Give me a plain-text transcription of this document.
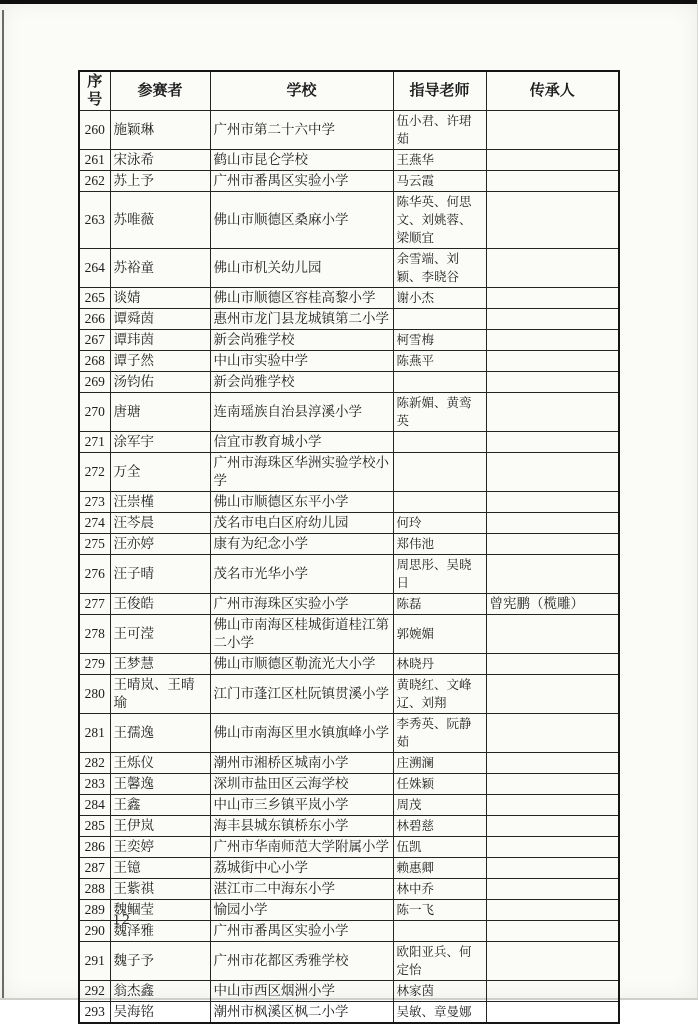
序号	参赛者	学校	指导老师	传承人
260	施颖琳	广州市第二十六中学	伍小君、许珺茹	
261	宋泳希	鹤山市昆仑学校	王燕华	
262	苏上予	广州市番禺区实验小学	马云霞	
263	苏唯薇	佛山市顺德区桑麻小学	陈华英、何思文、刘姚蓉、梁顺宜	
264	苏裕童	佛山市机关幼儿园	余雪端、刘颖、李晓谷	
265	谈婧	佛山市顺德区容桂高黎小学	谢小杰	
266	谭舜茵	惠州市龙门县龙城镇第二小学		
267	谭玮茵	新会尚雅学校	柯雪梅	
268	谭子然	中山市实验中学	陈燕平	
269	汤钧佑	新会尚雅学校		
270	唐瑭	连南瑶族自治县淳溪小学	陈新媚、黄鸾英	
271	涂军宇	信宜市教育城小学		
272	万全	广州市海珠区华洲实验学校小学		
273	汪崇槿	佛山市顺德区东平小学		
274	汪芩晨	茂名市电白区府幼儿园	何玲	
275	汪亦婷	康有为纪念小学	郑伟池	
276	汪子晴	茂名市光华小学	周思彤、吴晓日	
277	王俊皓	广州市海珠区实验小学	陈磊	曾宪鹏（榄雕）
278	王可滢	佛山市南海区桂城街道桂江第二小学	郭婉媚	
279	王梦慧	佛山市顺德区勒流光大小学	林晓丹	
280	王晴岚、王晴瑜	江门市蓬江区杜阮镇贯溪小学	黄晓红、文峰辽、刘翔	
281	王孺逸	佛山市南海区里水镇旗峰小学	李秀英、阮静茹	
282	王烁仪	潮州市湘桥区城南小学	庄溯澜	
283	王馨逸	深圳市盐田区云海学校	任姝颖	
284	王鑫	中山市三乡镇平岚小学	周茂	
285	王伊岚	海丰县城东镇桥东小学	林碧慈	
286	王奕婷	广州市华南师范大学附属小学	伍凯	
287	王镱	荔城街中心小学	赖惠卿	
288	王紫祺	湛江市二中海东小学	林中乔	
289	魏鲴莹	愉园小学	陈一飞	
290	魏泽雅	广州市番禺区实验小学		
291	魏子予	广州市花都区秀雅学校	欧阳亚兵、何定怡	
292	翁杰鑫	中山市西区烟洲小学	林家茵	
293	吴海铭	潮州市枫溪区枫二小学	吴敏、章曼娜	
- 12 -
